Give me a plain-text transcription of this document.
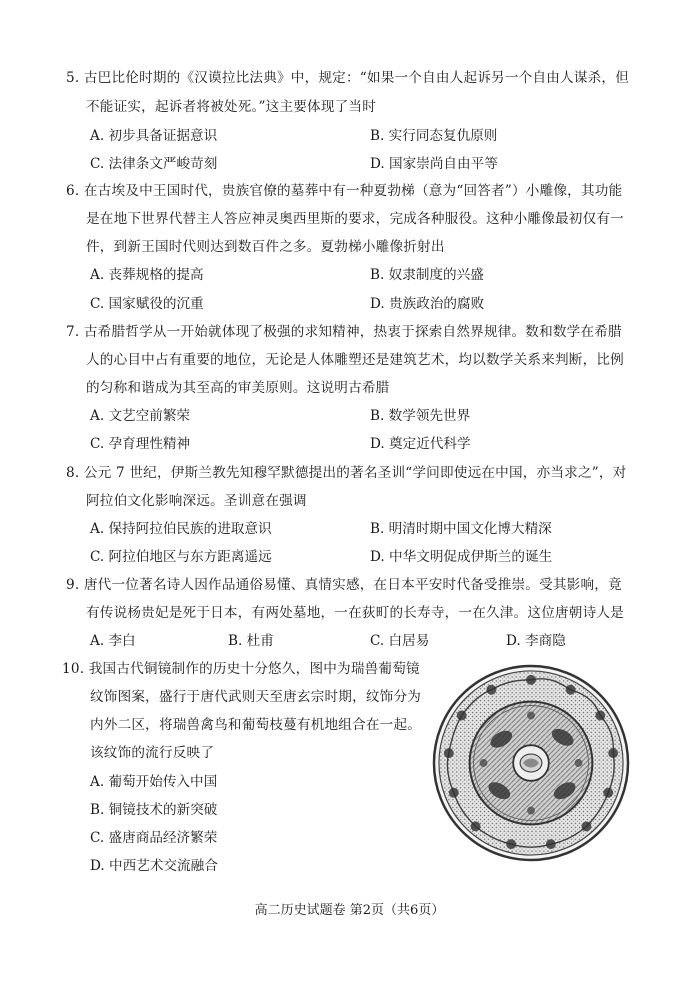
5. 古巴比伦时期的《汉谟拉比法典》中，规定：“如果一个自由人起诉另一个自由人谋杀，但
不能证实，起诉者将被处死。”这主要体现了当时
A. 初步具备证据意识	B. 实行同态复仇原则
C. 法律条文严峻苛刻	D. 国家崇尚自由平等
6. 在古埃及中王国时代，贵族官僚的墓葬中有一种夏勃梯（意为“回答者”）小雕像，其功能
是在地下世界代替主人答应神灵奥西里斯的要求，完成各种服役。这种小雕像最初仅有一
件，到新王国时代则达到数百件之多。夏勃梯小雕像折射出
A. 丧葬规格的提高	B. 奴隶制度的兴盛
C. 国家赋役的沉重	D. 贵族政治的腐败
7. 古希腊哲学从一开始就体现了极强的求知精神，热衷于探索自然界规律。数和数学在希腊
人的心目中占有重要的地位，无论是人体雕塑还是建筑艺术，均以数学关系来判断，比例
的匀称和谐成为其至高的审美原则。这说明古希腊
A. 文艺空前繁荣	B. 数学领先世界
C. 孕育理性精神	D. 奠定近代科学
8. 公元 7 世纪，伊斯兰教先知穆罕默德提出的著名圣训“学问即使远在中国，亦当求之”，对
阿拉伯文化影响深远。圣训意在强调
A. 保持阿拉伯民族的进取意识	B. 明清时期中国文化博大精深
C. 阿拉伯地区与东方距离遥远	D. 中华文明促成伊斯兰的诞生
9. 唐代一位著名诗人因作品通俗易懂、真情实感，在日本平安时代备受推崇。受其影响，竟
有传说杨贵妃是死于日本，有两处墓地，一在荻町的长寿寺，一在久津。这位唐朝诗人是
A. 李白	B. 杜甫	C. 白居易	D. 李商隐
10. 我国古代铜镜制作的历史十分悠久，图中为瑞兽葡萄镜
纹饰图案，盛行于唐代武则天至唐玄宗时期，纹饰分为
内外二区，将瑞兽禽鸟和葡萄枝蔓有机地组合在一起。
该纹饰的流行反映了
A. 葡萄开始传入中国
B. 铜镜技术的新突破
C. 盛唐商品经济繁荣
D. 中西艺术交流融合
高二历史试题卷 第2页（共6页）
